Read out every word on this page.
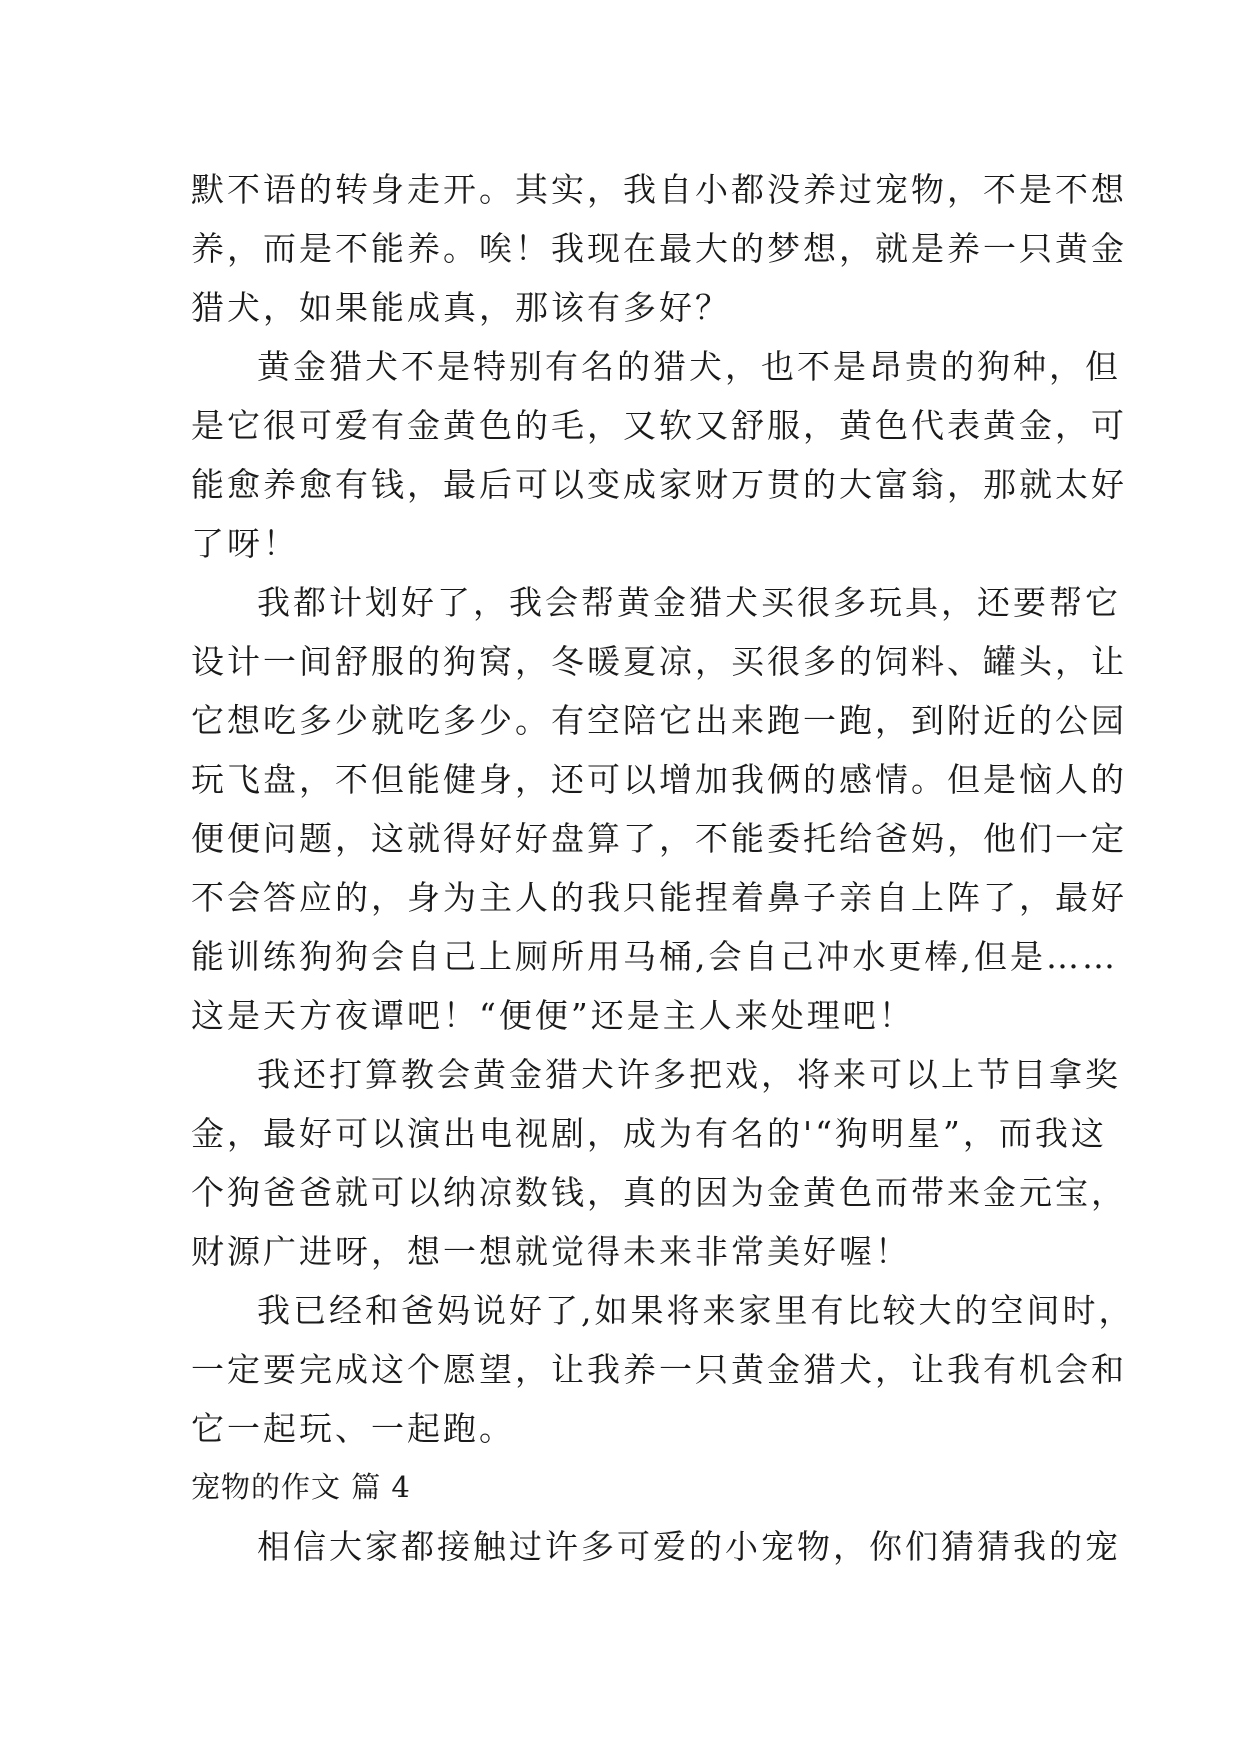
默不语的转身走开。其实，我自小都没养过宠物，不是不想

养，而是不能养。唉！我现在最大的梦想，就是养一只黄金

猎犬，如果能成真，那该有多好？

黄金猎犬不是特别有名的猎犬，也不是昂贵的狗种，但

是它很可爱有金黄色的毛，又软又舒服，黄色代表黄金，可

能愈养愈有钱，最后可以变成家财万贯的大富翁，那就太好

了呀！

我都计划好了，我会帮黄金猎犬买很多玩具，还要帮它

设计一间舒服的狗窝，冬暖夏凉，买很多的饲料、罐头，让

它想吃多少就吃多少。有空陪它出来跑一跑，到附近的公园

玩飞盘，不但能健身，还可以增加我俩的感情。但是恼人的

便便问题，这就得好好盘算了，不能委托给爸妈，他们一定

不会答应的，身为主人的我只能捏着鼻子亲自上阵了，最好

能训练狗狗会自己上厕所用马桶,会自己冲水更棒,但是……

这是天方夜谭吧！“便便”还是主人来处理吧！

我还打算教会黄金猎犬许多把戏，将来可以上节目拿奖

金，最好可以演出电视剧，成为有名的'“狗明星”，而我这

个狗爸爸就可以纳凉数钱，真的因为金黄色而带来金元宝，

财源广进呀，想一想就觉得未来非常美好喔！

我已经和爸妈说好了,如果将来家里有比较大的空间时，

一定要完成这个愿望，让我养一只黄金猎犬，让我有机会和

它一起玩、一起跑。

宠物的作文 篇 4

相信大家都接触过许多可爱的小宠物，你们猜猜我的宠
